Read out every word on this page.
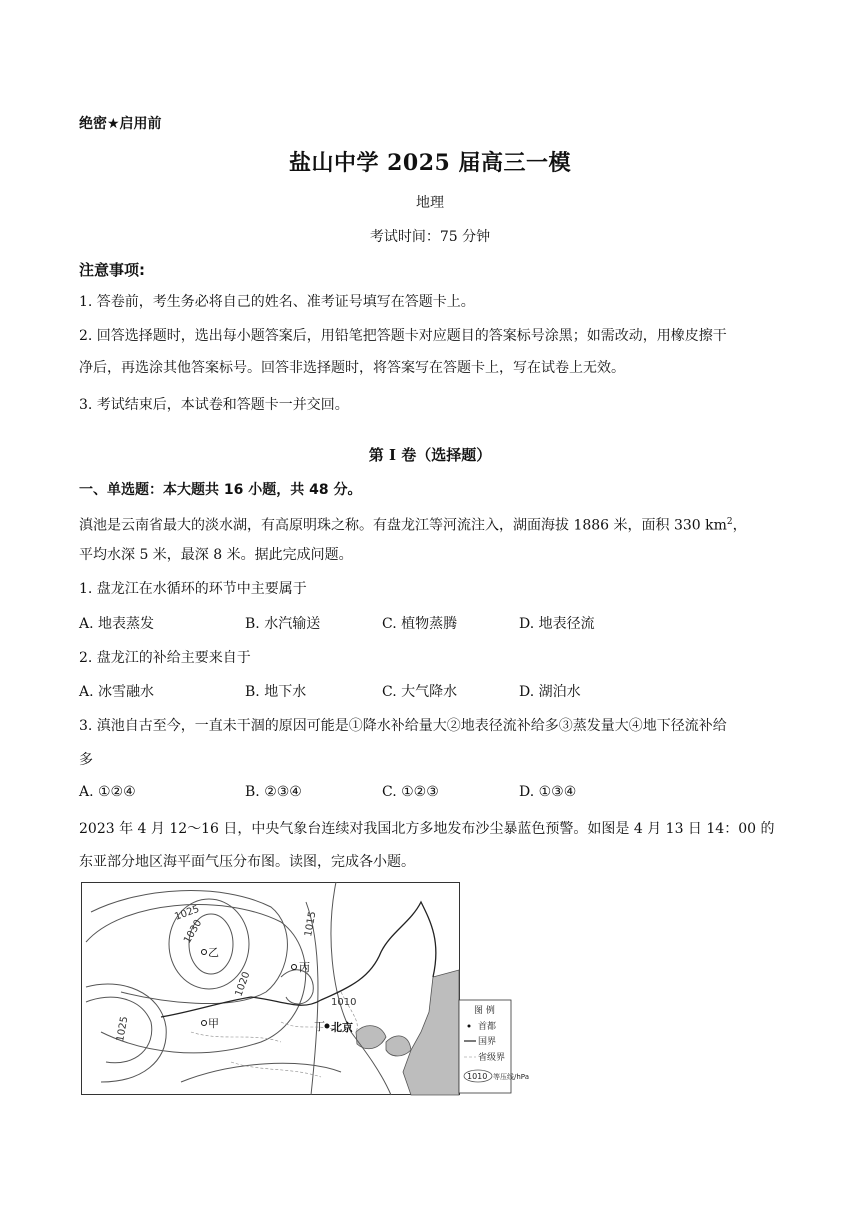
绝密★启用前
盐山中学 2025 届高三一模
地理
考试时间：75 分钟
注意事项:
1. 答卷前，考生务必将自己的姓名、准考证号填写在答题卡上。
2. 回答选择题时，选出每小题答案后，用铅笔把答题卡对应题目的答案标号涂黑；如需改动，用橡皮擦干
净后，再选涂其他答案标号。回答非选择题时，将答案写在答题卡上，写在试卷上无效。
3. 考试结束后，本试卷和答题卡一并交回。
第 I 卷（选择题）
一、单选题：本大题共 16 小题，共 48 分。
滇池是云南省最大的淡水湖，有高原明珠之称。有盘龙江等河流注入，湖面海拔 1886 米，面积 330 $km^2$，
平均水深 5 米，最深 8 米。据此完成问题。
1. 盘龙江在水循环的环节中主要属于
A. 地表蒸发	B. 水汽输送	C. 植物蒸腾	D. 地表径流
2. 盘龙江的补给主要来自于
A. 冰雪融水	B. 地下水	C. 大气降水	D. 湖泊水
3. 滇池自古至今，一直未干涸的原因可能是①降水补给量大②地表径流补给多③蒸发量大④地下径流补给
多
A. ①②④	B. ②③④	C. ①②③	D. ①③④
2023 年 4 月 12～16 日，中央气象台连续对我国北方多地发布沙尘暴蓝色预警。如图是 4 月 13 日 14：00 的
东亚部分地区海平面气压分布图。读图，完成各小题。
1025
1030
1020
1015
1010
1025
乙
丙
甲	丁 北京
图 例
首都
国界
省级界
1010 等压线/hPa
